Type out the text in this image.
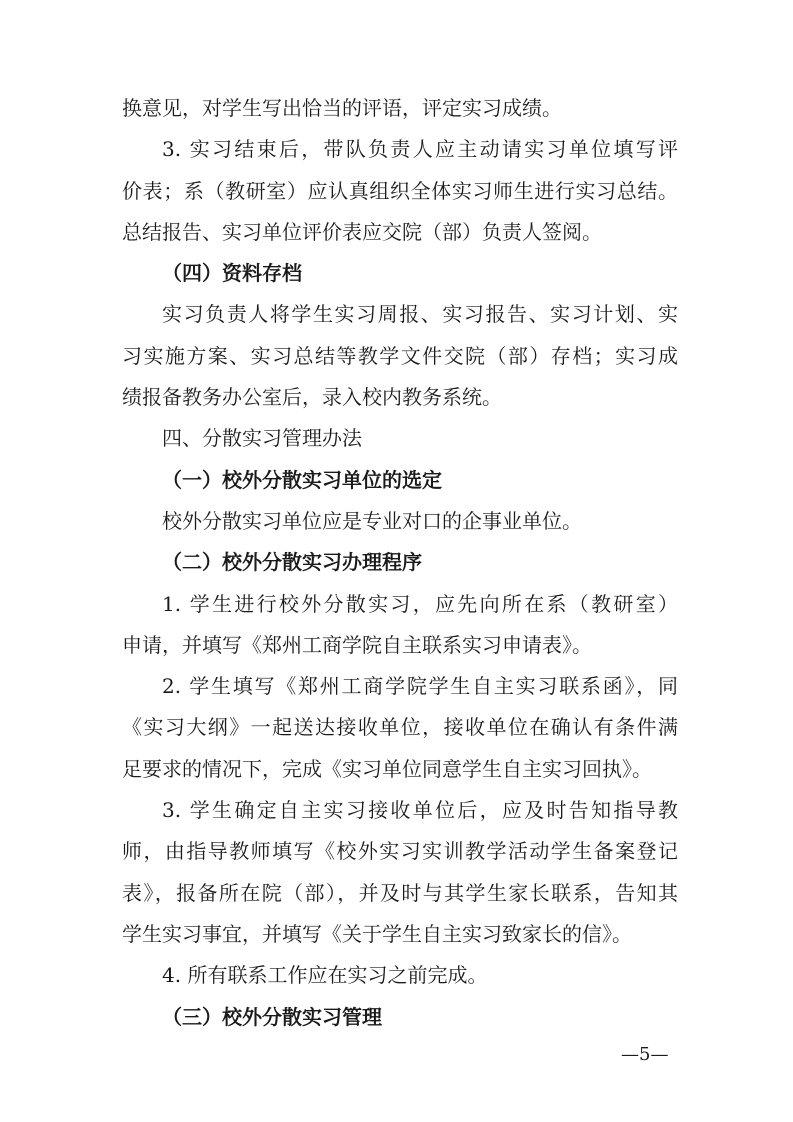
换意见，对学生写出恰当的评语，评定实习成绩。
3. 实习结束后，带队负责人应主动请实习单位填写评
价表；系（教研室）应认真组织全体实习师生进行实习总结。
总结报告、实习单位评价表应交院（部）负责人签阅。
（四）资料存档
实习负责人将学生实习周报、实习报告、实习计划、实
习实施方案、实习总结等教学文件交院（部）存档；实习成
绩报备教务办公室后，录入校内教务系统。
四、分散实习管理办法
（一）校外分散实习单位的选定
校外分散实习单位应是专业对口的企事业单位。
（二）校外分散实习办理程序
1. 学生进行校外分散实习，应先向所在系（教研室）
申请，并填写《郑州工商学院自主联系实习申请表》。
2. 学生填写《郑州工商学院学生自主实习联系函》，同
《实习大纲》一起送达接收单位，接收单位在确认有条件满
足要求的情况下，完成《实习单位同意学生自主实习回执》。
3. 学生确定自主实习接收单位后，应及时告知指导教
师，由指导教师填写《校外实习实训教学活动学生备案登记
表》，报备所在院（部），并及时与其学生家长联系，告知其
学生实习事宜，并填写《关于学生自主实习致家长的信》。
4. 所有联系工作应在实习之前完成。
（三）校外分散实习管理
—5—
